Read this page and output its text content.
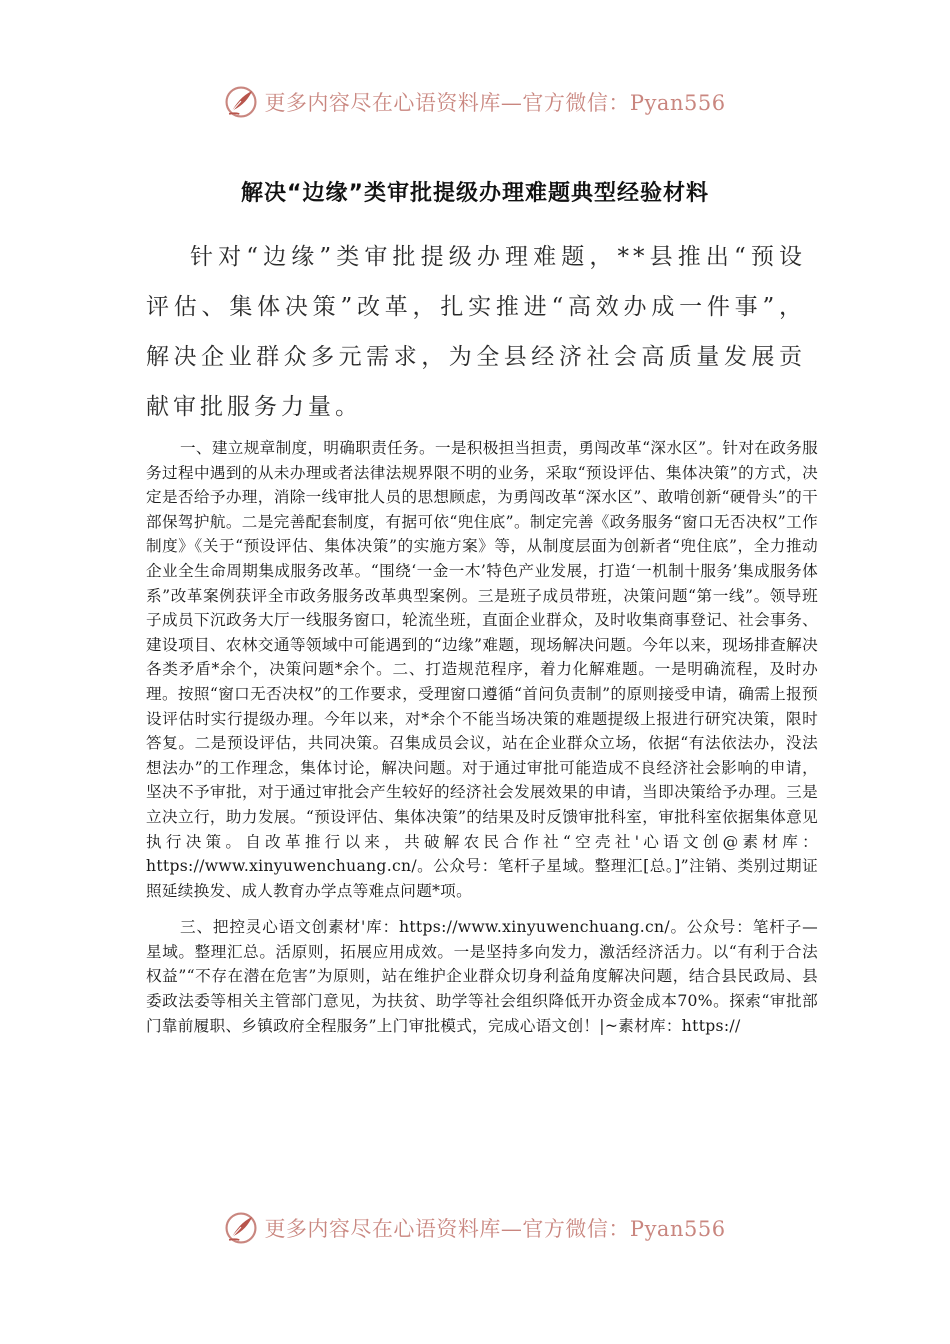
更多内容尽在心语资料库—官方微信：Pyan556
解决“边缘”类审批提级办理难题典型经验材料

针对“边缘”类审批提级办理难题，**县推出“预设评估、集体决策”改革，扎实推进“高效办成一件事”，解决企业群众多元需求，为全县经济社会高质量发展贡献审批服务力量。

一、建立规章制度，明确职责任务。一是积极担当担责，勇闯改革“深水区”。针对在政务服务过程中遇到的从未办理或者法律法规界限不明的业务，采取“预设评估、集体决策”的方式，决定是否给予办理，消除一线审批人员的思想顾虑，为勇闯改革“深水区”、敢啃创新“硬骨头”的干部保驾护航。二是完善配套制度，有据可依“兜住底”。制定完善《政务服务“窗口无否决权”工作制度》《关于“预设评估、集体决策”的实施方案》等，从制度层面为创新者“兜住底”，全力推动企业全生命周期集成服务改革。“围绕‘一金一木’特色产业发展，打造‘一机制十服务’集成服务体系”改革案例获评全市政务服务改革典型案例。三是班子成员带班，决策问题“第一线”。领导班子成员下沉政务大厅一线服务窗口，轮流坐班，直面企业群众，及时收集商事登记、社会事务、建设项目、农林交通等领域中可能遇到的“边缘”难题，现场解决问题。今年以来，现场排查解决各类矛盾*余个，决策问题*余个。二、打造规范程序，着力化解难题。一是明确流程，及时办理。按照“窗口无否决权”的工作要求，受理窗口遵循“首问负责制”的原则接受申请，确需上报预设评估时实行提级办理。今年以来，对*余个不能当场决策的难题提级上报进行研究决策，限时答复。二是预设评估，共同决策。召集成员会议，站在企业群众立场，依据“有法依法办，没法想法办”的工作理念，集体讨论，解决问题。对于通过审批可能造成不良经济社会影响的申请，坚决不予审批，对于通过审批会产生较好的经济社会发展效果的申请，当即决策给予办理。三是立决立行，助力发展。“预设评估、集体决策”的结果及时反馈审批科室，审批科室依据集体意见执行决策。自改革推行以来，共破解农民合作社“空壳社'心语文创@素材库：https://www.xinyuwenchuang.cn/。公众号：笔杆子星域。整理汇[总。]”注销、类别过期证照延续换发、成人教育办学点等难点问题*项。

三、把控灵心语文创素材'库：https://www.xinyuwenchuang.cn/。公众号：笔杆子—星域。整理汇总。活原则，拓展应用成效。一是坚持多向发力，激活经济活力。以“有利于合法权益”“不存在潜在危害”为原则，站在维护企业群众切身利益角度解决问题，结合县民政局、县委政法委等相关主管部门意见，为扶贫、助学等社会组织降低开办资金成本70%。探索“审批部门靠前履职、乡镇政府全程服务”上门审批模式，完成心语文创！|~素材库：https://

更多内容尽在心语资料库—官方微信：Pyan556
